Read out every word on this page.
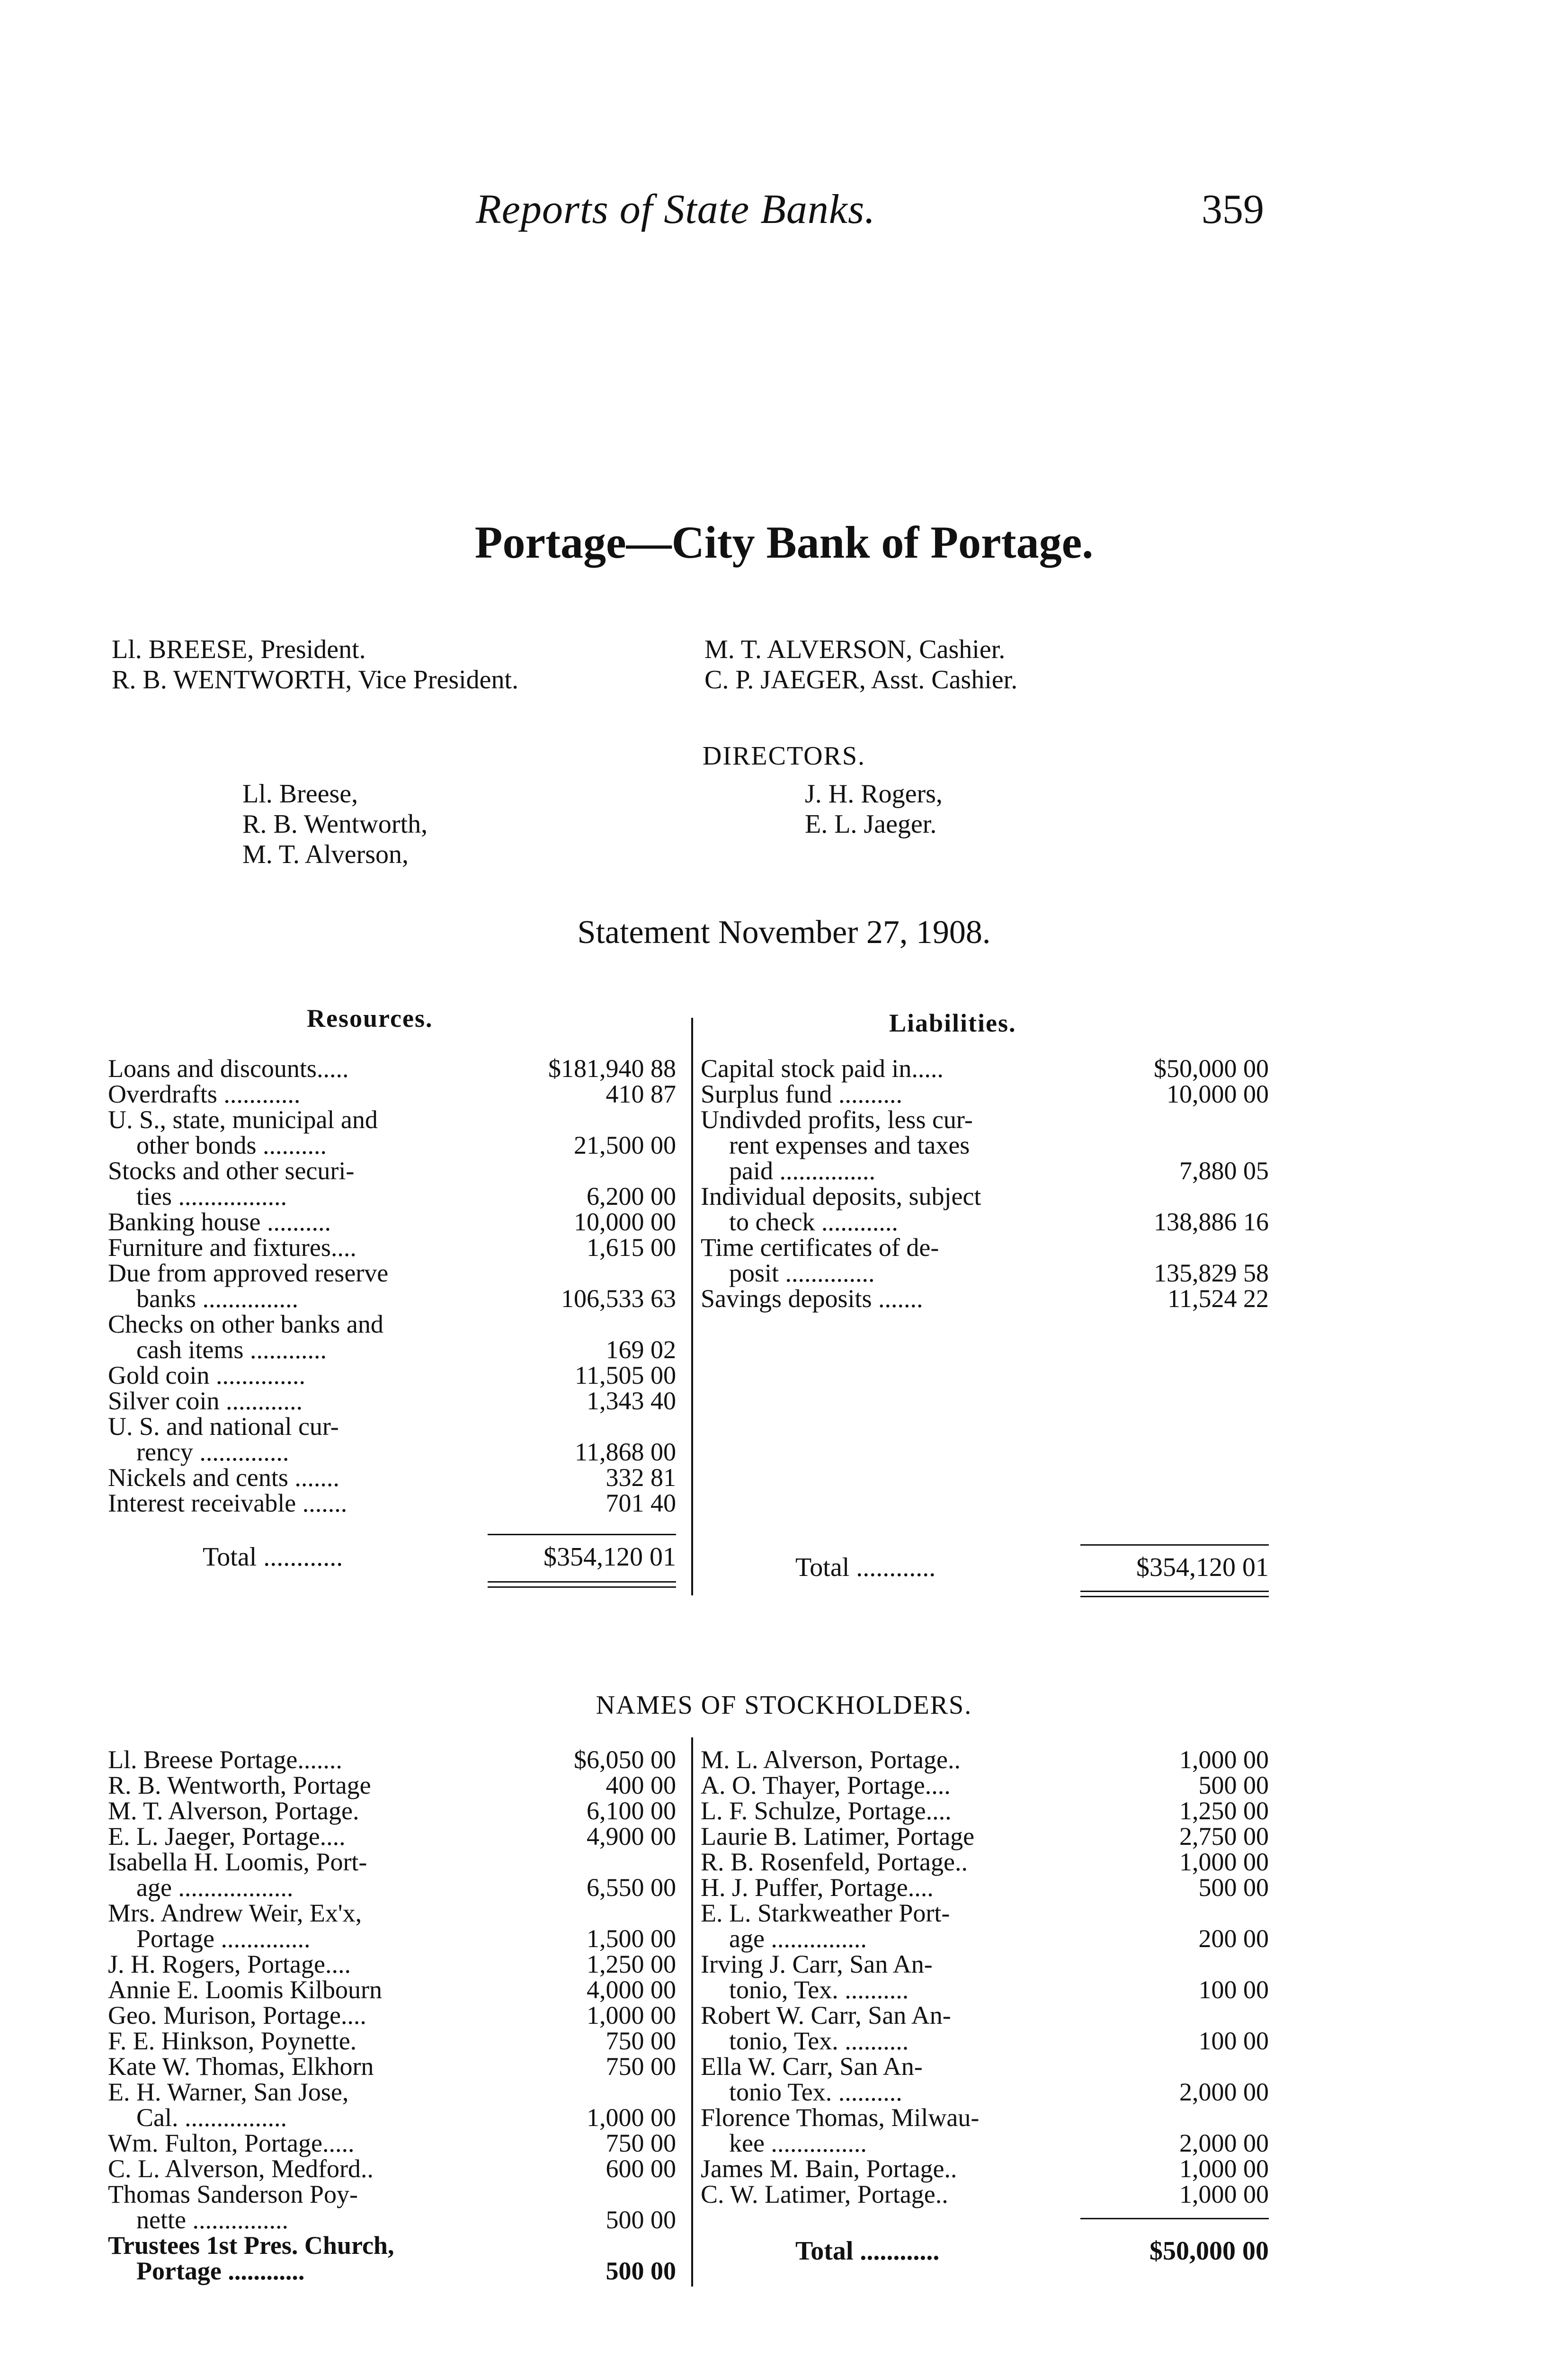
Reports of State Banks.	359
Portage—City Bank of Portage.
Ll. BREESE, President.
R. B. WENTWORTH, Vice President.
M. T. ALVERSON, Cashier.
C. P. JAEGER, Asst. Cashier.
DIRECTORS.
Ll. Breese,
R. B. Wentworth,
M. T. Alverson,
J. H. Rogers,
E. L. Jaeger.
Statement November 27, 1908.
Resources.	Liabilities.
Loans and discounts.....	$181,940 88
Overdrafts ............	410 87
U. S., state, municipal and
other bonds ..........	21,500 00
Stocks and other securi-
ties .................	6,200 00
Banking house ..........	10,000 00
Furniture and fixtures....	1,615 00
Due from approved reserve
banks ...............	106,533 63
Checks on other banks and
cash items ............	169 02
Gold coin ..............	11,505 00
Silver coin ............	1,343 40
U. S. and national cur-
rency ..............	11,868 00
Nickels and cents .......	332 81
Interest receivable .......	701 40
Total ............	$354,120 01
Capital stock paid in.....	$50,000 00
Surplus fund ..........	10,000 00
Undivded profits, less cur-
rent expenses and taxes
paid ...............	7,880 05
Individual deposits, subject
to check ............	138,886 16
Time certificates of de-
posit ..............	135,829 58
Savings deposits .......	11,524 22
Total ............	$354,120 01
NAMES OF STOCKHOLDERS.
Ll. Breese Portage.......	$6,050 00
R. B. Wentworth, Portage	400 00
M. T. Alverson, Portage.	6,100 00
E. L. Jaeger, Portage....	4,900 00
Isabella H. Loomis, Port-
age ..................	6,550 00
Mrs. Andrew Weir, Ex'x,
Portage ..............	1,500 00
J. H. Rogers, Portage....	1,250 00
Annie E. Loomis Kilbourn	4,000 00
Geo. Murison, Portage....	1,000 00
F. E. Hinkson, Poynette.	750 00
Kate W. Thomas, Elkhorn	750 00
E. H. Warner, San Jose,
Cal. ................	1,000 00
Wm. Fulton, Portage.....	750 00
C. L. Alverson, Medford..	600 00
Thomas Sanderson Poy-
nette ...............	500 00
Trustees 1st Pres. Church,
Portage ............	500 00
M. L. Alverson, Portage..	1,000 00
A. O. Thayer, Portage....	500 00
L. F. Schulze, Portage....	1,250 00
Laurie B. Latimer, Portage	2,750 00
R. B. Rosenfeld, Portage..	1,000 00
H. J. Puffer, Portage....	500 00
E. L. Starkweather Port-
age ...............	200 00
Irving J. Carr, San An-
tonio, Tex. ..........	100 00
Robert W. Carr, San An-
tonio, Tex. ..........	100 00
Ella W. Carr, San An-
tonio Tex. ..........	2,000 00
Florence Thomas, Milwau-
kee ...............	2,000 00
James M. Bain, Portage..	1,000 00
C. W. Latimer, Portage..	1,000 00
Total ............	$50,000 00
